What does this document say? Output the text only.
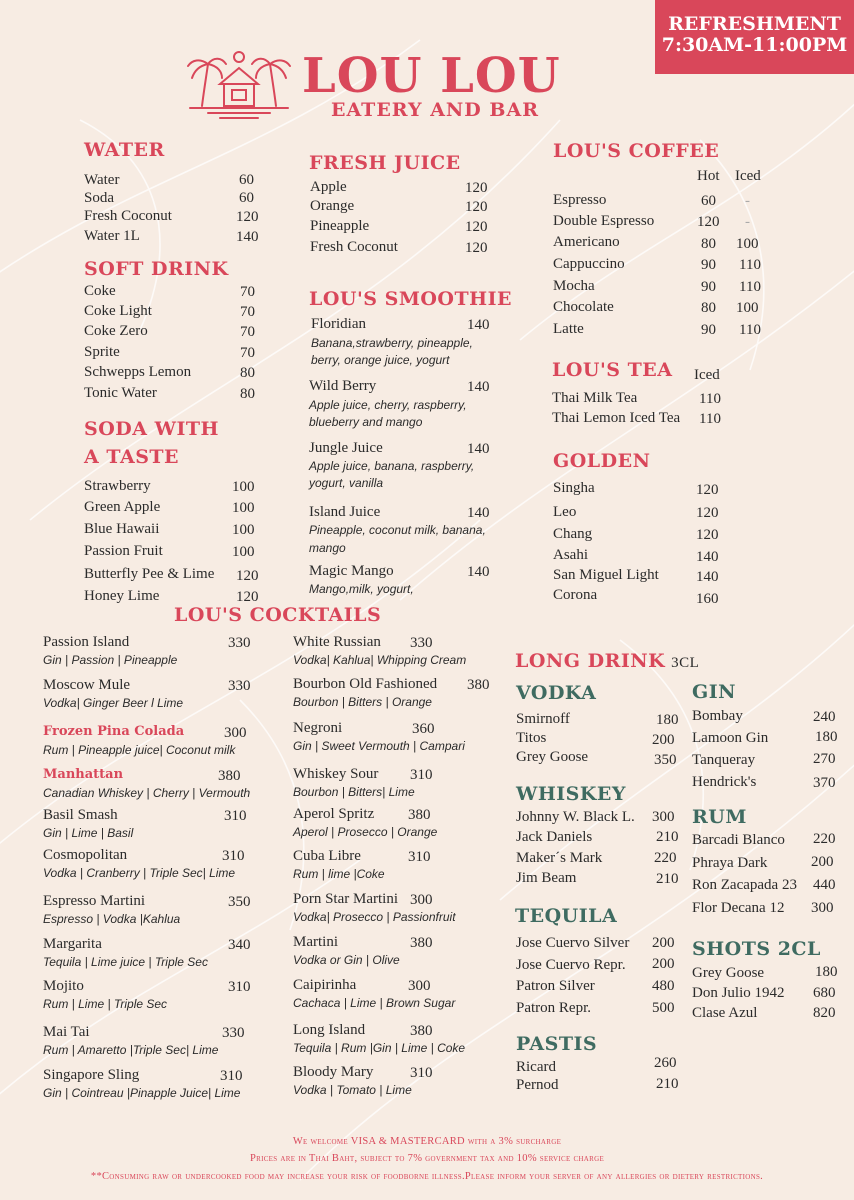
REFRESHMENT
7:30AM-11:00PM
LOU LOU
EATERY AND BAR
WATER
Water	60
Soda	60
Fresh Coconut	120
Water 1L	140
SOFT DRINK
Coke	70
Coke Light	70
Coke Zero	70
Sprite	70
Schwepps Lemon	80
Tonic Water	80
SODA WITH
A TASTE
Strawberry	100
Green Apple	100
Blue Hawaii	100
Passion Fruit	100
Butterfly Pee & Lime 120
Honey Lime	120
FRESH JUICE
Apple	120
Orange	120
Pineapple	120
Fresh Coconut	120
LOU'S SMOOTHIE
Floridian	140
Banana,strawberry, pineapple,
berry, orange juice, yogurt
Wild Berry	140
Apple juice, cherry, raspberry,
blueberry and mango
Jungle Juice	140
Apple juice, banana, raspberry,
yogurt, vanilla
Island Juice	140
Pineapple, coconut milk, banana,
mango
Magic Mango	140
Mango,milk, yogurt,
LOU'S COFFEE
Hot Iced
Espresso	60 -
Double Espresso	120 -
Americano	80 100
Cappuccino	90 110
Mocha	90 110
Chocolate	80 100
Latte	90 110
LOU'S TEA Iced
Thai Milk Tea	110
Thai Lemon Iced Tea 110
GOLDEN
Singha	120
Leo	120
Chang	120
Asahi	140
San Miguel Light 140
Corona	160
LOU'S COCKTAILS
Passion Island	330
Gin | Passion | Pineapple
Moscow Mule	330
Vodka| Ginger Beer l Lime
Frozen Pina Colada	300
Rum | Pineapple juice| Coconut milk
Manhattan	380
Canadian Whiskey | Cherry | Vermouth
Basil Smash	310
Gin | Lime | Basil
Cosmopolitan	310
Vodka | Cranberry | Triple Sec| Lime
Espresso Martini	350
Espresso | Vodka |Kahlua
Margarita	340
Tequila | Lime juice | Triple Sec
Mojito	310
Rum | Lime | Triple Sec
Mai Tai	330
Rum | Amaretto |Triple Sec| Lime
Singapore Sling	310
Gin | Cointreau |Pinapple Juice| Lime
White Russian 330
Vodka| Kahlua| Whipping Cream
Bourbon Old Fashioned 380
Bourbon | Bitters | Orange
Negroni	360
Gin | Sweet Vermouth | Campari
Whiskey Sour 310
Bourbon | Bitters| Lime
Aperol Spritz 380
Aperol | Prosecco | Orange
Cuba Libre	310
Rum | lime |Coke
Porn Star Martini 300
Vodka| Prosecco | Passionfruit
Martini	380
Vodka or Gin | Olive
Caipirinha	300
Cachaca | Lime | Brown Sugar
Long Island	380
Tequila | Rum |Gin | Lime | Coke
Bloody Mary 310
Vodka | Tomato | Lime
LONG DRINK 3CL
VODKA
Smirnoff	180
Titos	200
Grey Goose	350
WHISKEY
Johnny W. Black L. 300
Jack Daniels	210
Maker´s Mark	220
Jim Beam	210
TEQUILA
Jose Cuervo Silver 200
Jose Cuervo Repr. 200
Patron Silver	480
Patron Repr.	500
PASTIS
Ricard	260
Pernod	210
GIN
Bombay	240
Lamoon Gin	180
Tanqueray	270
Hendrick's	370
RUM
Barcadi Blanco 220
Phraya Dark	200
Ron Zacapada 23 440
Flor Decana 12 300
SHOTS 2CL
Grey Goose	180
Don Julio 1942 680
Clase Azul	820
We welcome VISA & MASTERCARD with a 3% surcharge
Prices are in Thai Baht, subject to 7% government tax and 10% service charge
**Consuming raw or undercooked food may increase your risk of foodborne illness.Please inform your server of any allergies or dietery restrictions.
